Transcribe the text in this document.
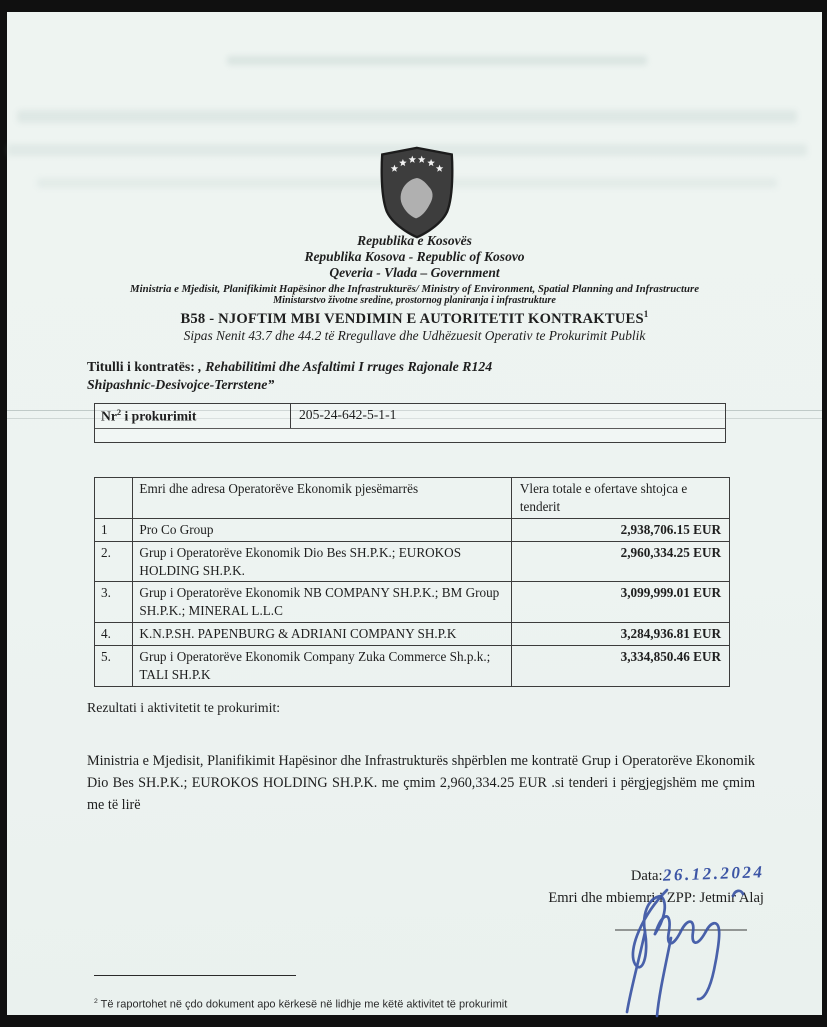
Republika e Kosovës
Republika Kosova - Republic of Kosovo
Qeveria - Vlada – Government
Ministria e Mjedisit, Planifikimit Hapësinor dhe Infrastrukturës/ Ministry of Environment, Spatial Planning and Infrastructure
Ministarstvo životne sredine, prostornog planiranja i infrastrukture
B58 - NJOFTIM MBI VENDIMIN E AUTORITETIT KONTRAKTUES$^1$
Sipas Nenit 43.7 dhe 44.2 të Rregullave dhe Udhëzuesit Operativ te Prokurimit Publik
Titulli i kontratës: , Rehabilitimi dhe Asfaltimi I rruges Rajonale R124
Shipashnic-Desivojce-Terrstene”
Nr$^2$ i prokurimit	205-24-642-5-1-1
	Emri dhe adresa Operatorëve Ekonomik pjesëmarrës	Vlera totale e ofertave shtojca e tenderit
1	Pro Co Group	2,938,706.15 EUR
2.	Grup i Operatorëve Ekonomik Dio Bes SH.P.K.; EUROKOS HOLDING SH.P.K.	2,960,334.25 EUR
3.	Grup i Operatorëve Ekonomik NB COMPANY SH.P.K.; BM Group SH.P.K.; MINERAL L.L.C	3,099,999.01 EUR
4.	K.N.P.SH. PAPENBURG & ADRIANI COMPANY SH.P.K	3,284,936.81 EUR
5.	Grup i Operatorëve Ekonomik Company Zuka Commerce Sh.p.k.; TALI SH.P.K	3,334,850.46 EUR
Rezultati i aktivitetit te prokurimit:
Ministria e Mjedisit, Planifikimit Hapësinor dhe Infrastrukturës shpërblen me kontratë Grup i Operatorëve Ekonomik Dio Bes SH.P.K.; EUROKOS HOLDING SH.P.K. me çmim 2,960,334.25 EUR .si tenderi i përgjegjshëm me çmim me të lirë
Data:26.12.2024
Emri dhe mbiemri i ZPP: Jetmir Alaj
$^2$ Të raportohet në çdo dokument apo kërkesë në lidhje me këtë aktivitet të prokurimit
